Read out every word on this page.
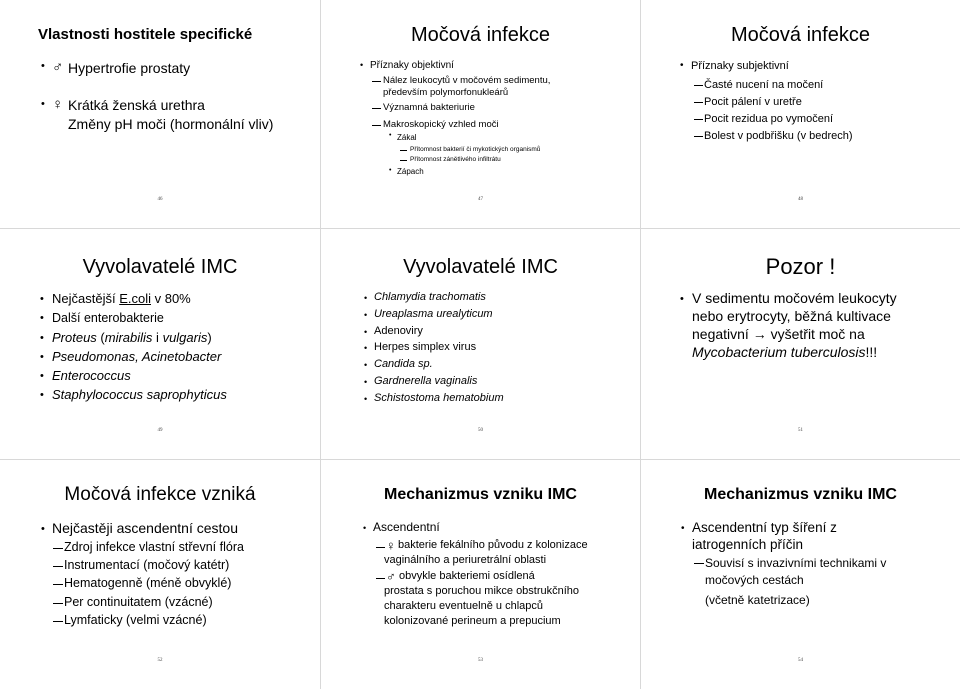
Vlastnosti hostitele specifické
• ♂ Hypertrofie prostaty
• ♀ Krátká ženská urethra
Změny pH moči (hormonální vliv)
46
Močová infekce
• Příznaky objektivní
Nález leukocytů v močovém sedimentu,
především polymorfonukleárů
Významná bakteriurie
Makroskopický vzhled moči
• Zákal
Přítomnost bakterií či mykotických organismů
Přítomnost zánětlivého infiltrátu
• Zápach
47
Močová infekce
• Příznaky subjektivní
Časté nucení na močení
Pocit pálení v uretře
Pocit rezidua po vymočení
Bolest v podbřišku (v bedrech)
48
Vyvolavatelé IMC
• Nejčastější E.coli v 80%
• Další enterobakterie
• Proteus (mirabilis i vulgaris)
• Pseudomonas, Acinetobacter
• Enterococcus
• Staphylococcus saprophyticus
49
Vyvolavatelé IMC
• Chlamydia trachomatis
• Ureaplasma urealyticum
• Adenoviry
• Herpes simplex virus
• Candida sp.
• Gardnerella vaginalis
• Schistostoma hematobium
50
Pozor !
• V sedimentu močovém leukocyty
nebo erytrocyty, běžná kultivace
negativní → vyšetřit moč na
Mycobacterium tuberculosis!!!
51
Močová infekce vzniká
• Nejčastěji ascendentní cestou
Zdroj infekce vlastní střevní flóra
Instrumentací (močový katétr)
Hematogenně (méně obvyklé)
Per continuitatem (vzácné)
Lymfaticky (velmi vzácné)
52
Mechanizmus vzniku IMC
• Ascendentní
♀ bakterie fekálního původu z kolonizace
vaginálního a periuretrální oblasti
♂ obvykle bakteriemi osídlená
prostata s poruchou mikce obstrukčního
charakteru eventuelně u chlapců
kolonizované perineum a prepucium
53
Mechanizmus vzniku IMC
• Ascendentní typ šíření z
iatrogenních příčin
Souvisí s invazivními technikami v
močových cestách
(včetně katetrizace)
54
